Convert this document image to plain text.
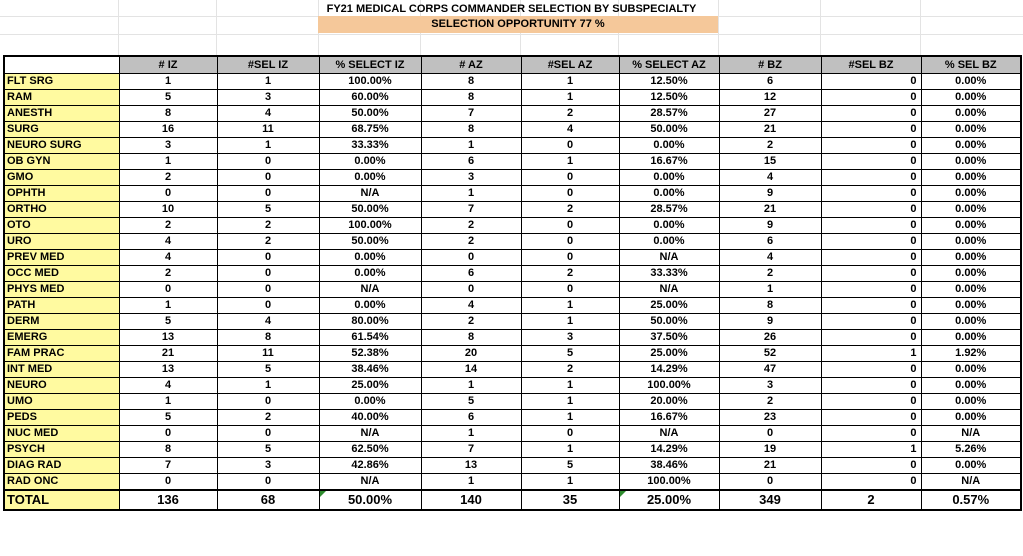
FY21 MEDICAL CORPS COMMANDER SELECTION BY SUBSPECIALTY
SELECTION OPPORTUNITY 77 %
	# IZ	#SEL IZ	% SELECT IZ	# AZ	#SEL AZ	% SELECT AZ	# BZ	#SEL BZ	% SEL BZ
FLT SRG	1	1	100.00%	8	1	12.50%	6	0	0.00%
RAM	5	3	60.00%	8	1	12.50%	12	0	0.00%
ANESTH	8	4	50.00%	7	2	28.57%	27	0	0.00%
SURG	16	11	68.75%	8	4	50.00%	21	0	0.00%
NEURO SURG	3	1	33.33%	1	0	0.00%	2	0	0.00%
OB GYN	1	0	0.00%	6	1	16.67%	15	0	0.00%
GMO	2	0	0.00%	3	0	0.00%	4	0	0.00%
OPHTH	0	0	N/A	1	0	0.00%	9	0	0.00%
ORTHO	10	5	50.00%	7	2	28.57%	21	0	0.00%
OTO	2	2	100.00%	2	0	0.00%	9	0	0.00%
URO	4	2	50.00%	2	0	0.00%	6	0	0.00%
PREV MED	4	0	0.00%	0	0	N/A	4	0	0.00%
OCC MED	2	0	0.00%	6	2	33.33%	2	0	0.00%
PHYS MED	0	0	N/A	0	0	N/A	1	0	0.00%
PATH	1	0	0.00%	4	1	25.00%	8	0	0.00%
DERM	5	4	80.00%	2	1	50.00%	9	0	0.00%
EMERG	13	8	61.54%	8	3	37.50%	26	0	0.00%
FAM PRAC	21	11	52.38%	20	5	25.00%	52	1	1.92%
INT MED	13	5	38.46%	14	2	14.29%	47	0	0.00%
NEURO	4	1	25.00%	1	1	100.00%	3	0	0.00%
UMO	1	0	0.00%	5	1	20.00%	2	0	0.00%
PEDS	5	2	40.00%	6	1	16.67%	23	0	0.00%
NUC MED	0	0	N/A	1	0	N/A	0	0	N/A
PSYCH	8	5	62.50%	7	1	14.29%	19	1	5.26%
DIAG RAD	7	3	42.86%	13	5	38.46%	21	0	0.00%
RAD ONC	0	0	N/A	1	1	100.00%	0	0	N/A
TOTAL	136	68	50.00%	140	35	25.00%	349	2	0.57%
